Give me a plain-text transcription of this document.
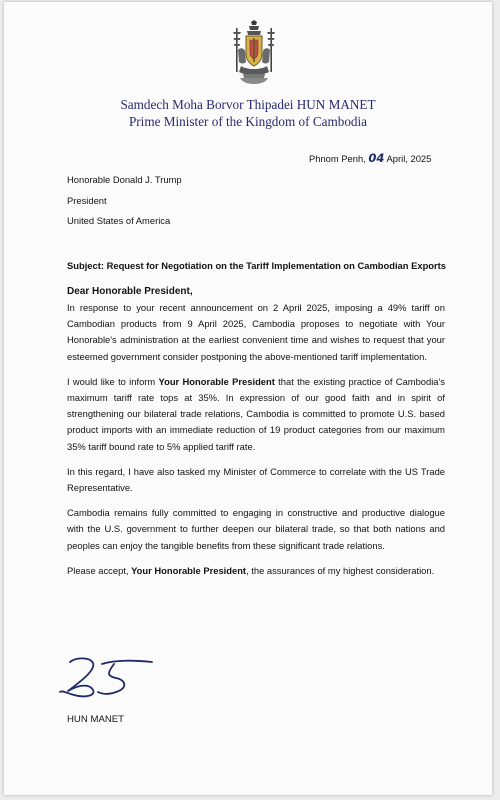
Samdech Moha Borvor Thipadei HUN MANET
Prime Minister of the Kingdom of Cambodia
Phnom Penh, 04 April, 2025
Honorable Donald J. Trump
President
United States of America
Subject: Request for Negotiation on the Tariff Implementation on Cambodian Exports
Dear Honorable President,

In response to your recent announcement on 2 April 2025, imposing a 49% tariff on Cambodian products from 9 April 2025, Cambodia proposes to negotiate with Your Honorable's administration at the earliest convenient time and wishes to request that your esteemed government consider postponing the above-mentioned tariff implementation.

I would like to inform Your Honorable President that the existing practice of Cambodia's maximum tariff rate tops at 35%. In expression of our good faith and in spirit of strengthening our bilateral trade relations, Cambodia is committed to promote U.S. based product imports with an immediate reduction of 19 product categories from our maximum 35% tariff bound rate to 5% applied tariff rate.

In this regard, I have also tasked my Minister of Commerce to correlate with the US Trade Representative.

Cambodia remains fully committed to engaging in constructive and productive dialogue with the U.S. government to further deepen our bilateral trade, so that both nations and peoples can enjoy the tangible benefits from these significant trade relations.

Please accept, Your Honorable President, the assurances of my highest consideration.

HUN MANET
